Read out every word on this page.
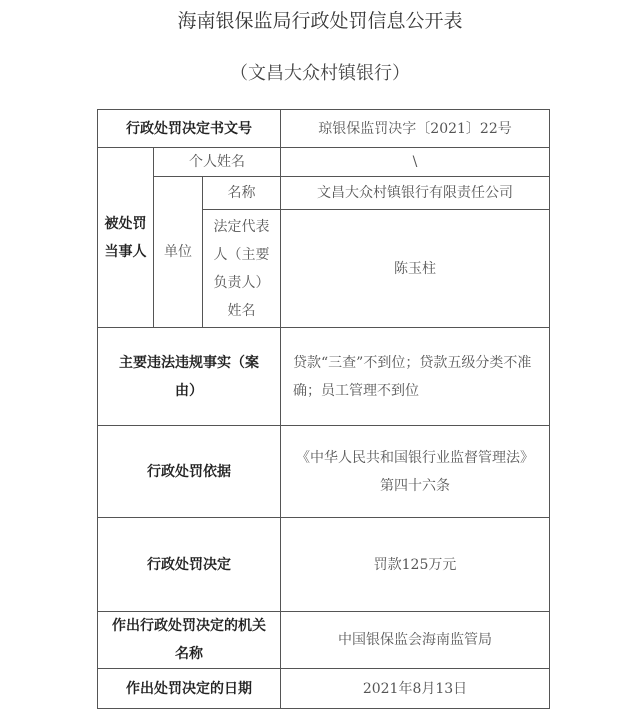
海南银保监局行政处罚信息公开表
（文昌大众村镇银行）
行政处罚决定书文号			琼银保监罚决字〔2021〕22号
被处罚当事人	个人姓名		\
	单位	名称	文昌大众村镇银行有限责任公司
		法定代表人（主要负责人）姓名	陈玉柱
主要违法违规事实（案由）			贷款“三查”不到位；贷款五级分类不准确；员工管理不到位
行政处罚依据			《中华人民共和国银行业监督管理法》第四十六条
行政处罚决定			罚款125万元
作出行政处罚决定的机关名称			中国银保监会海南监管局
作出处罚决定的日期			2021年8月13日
